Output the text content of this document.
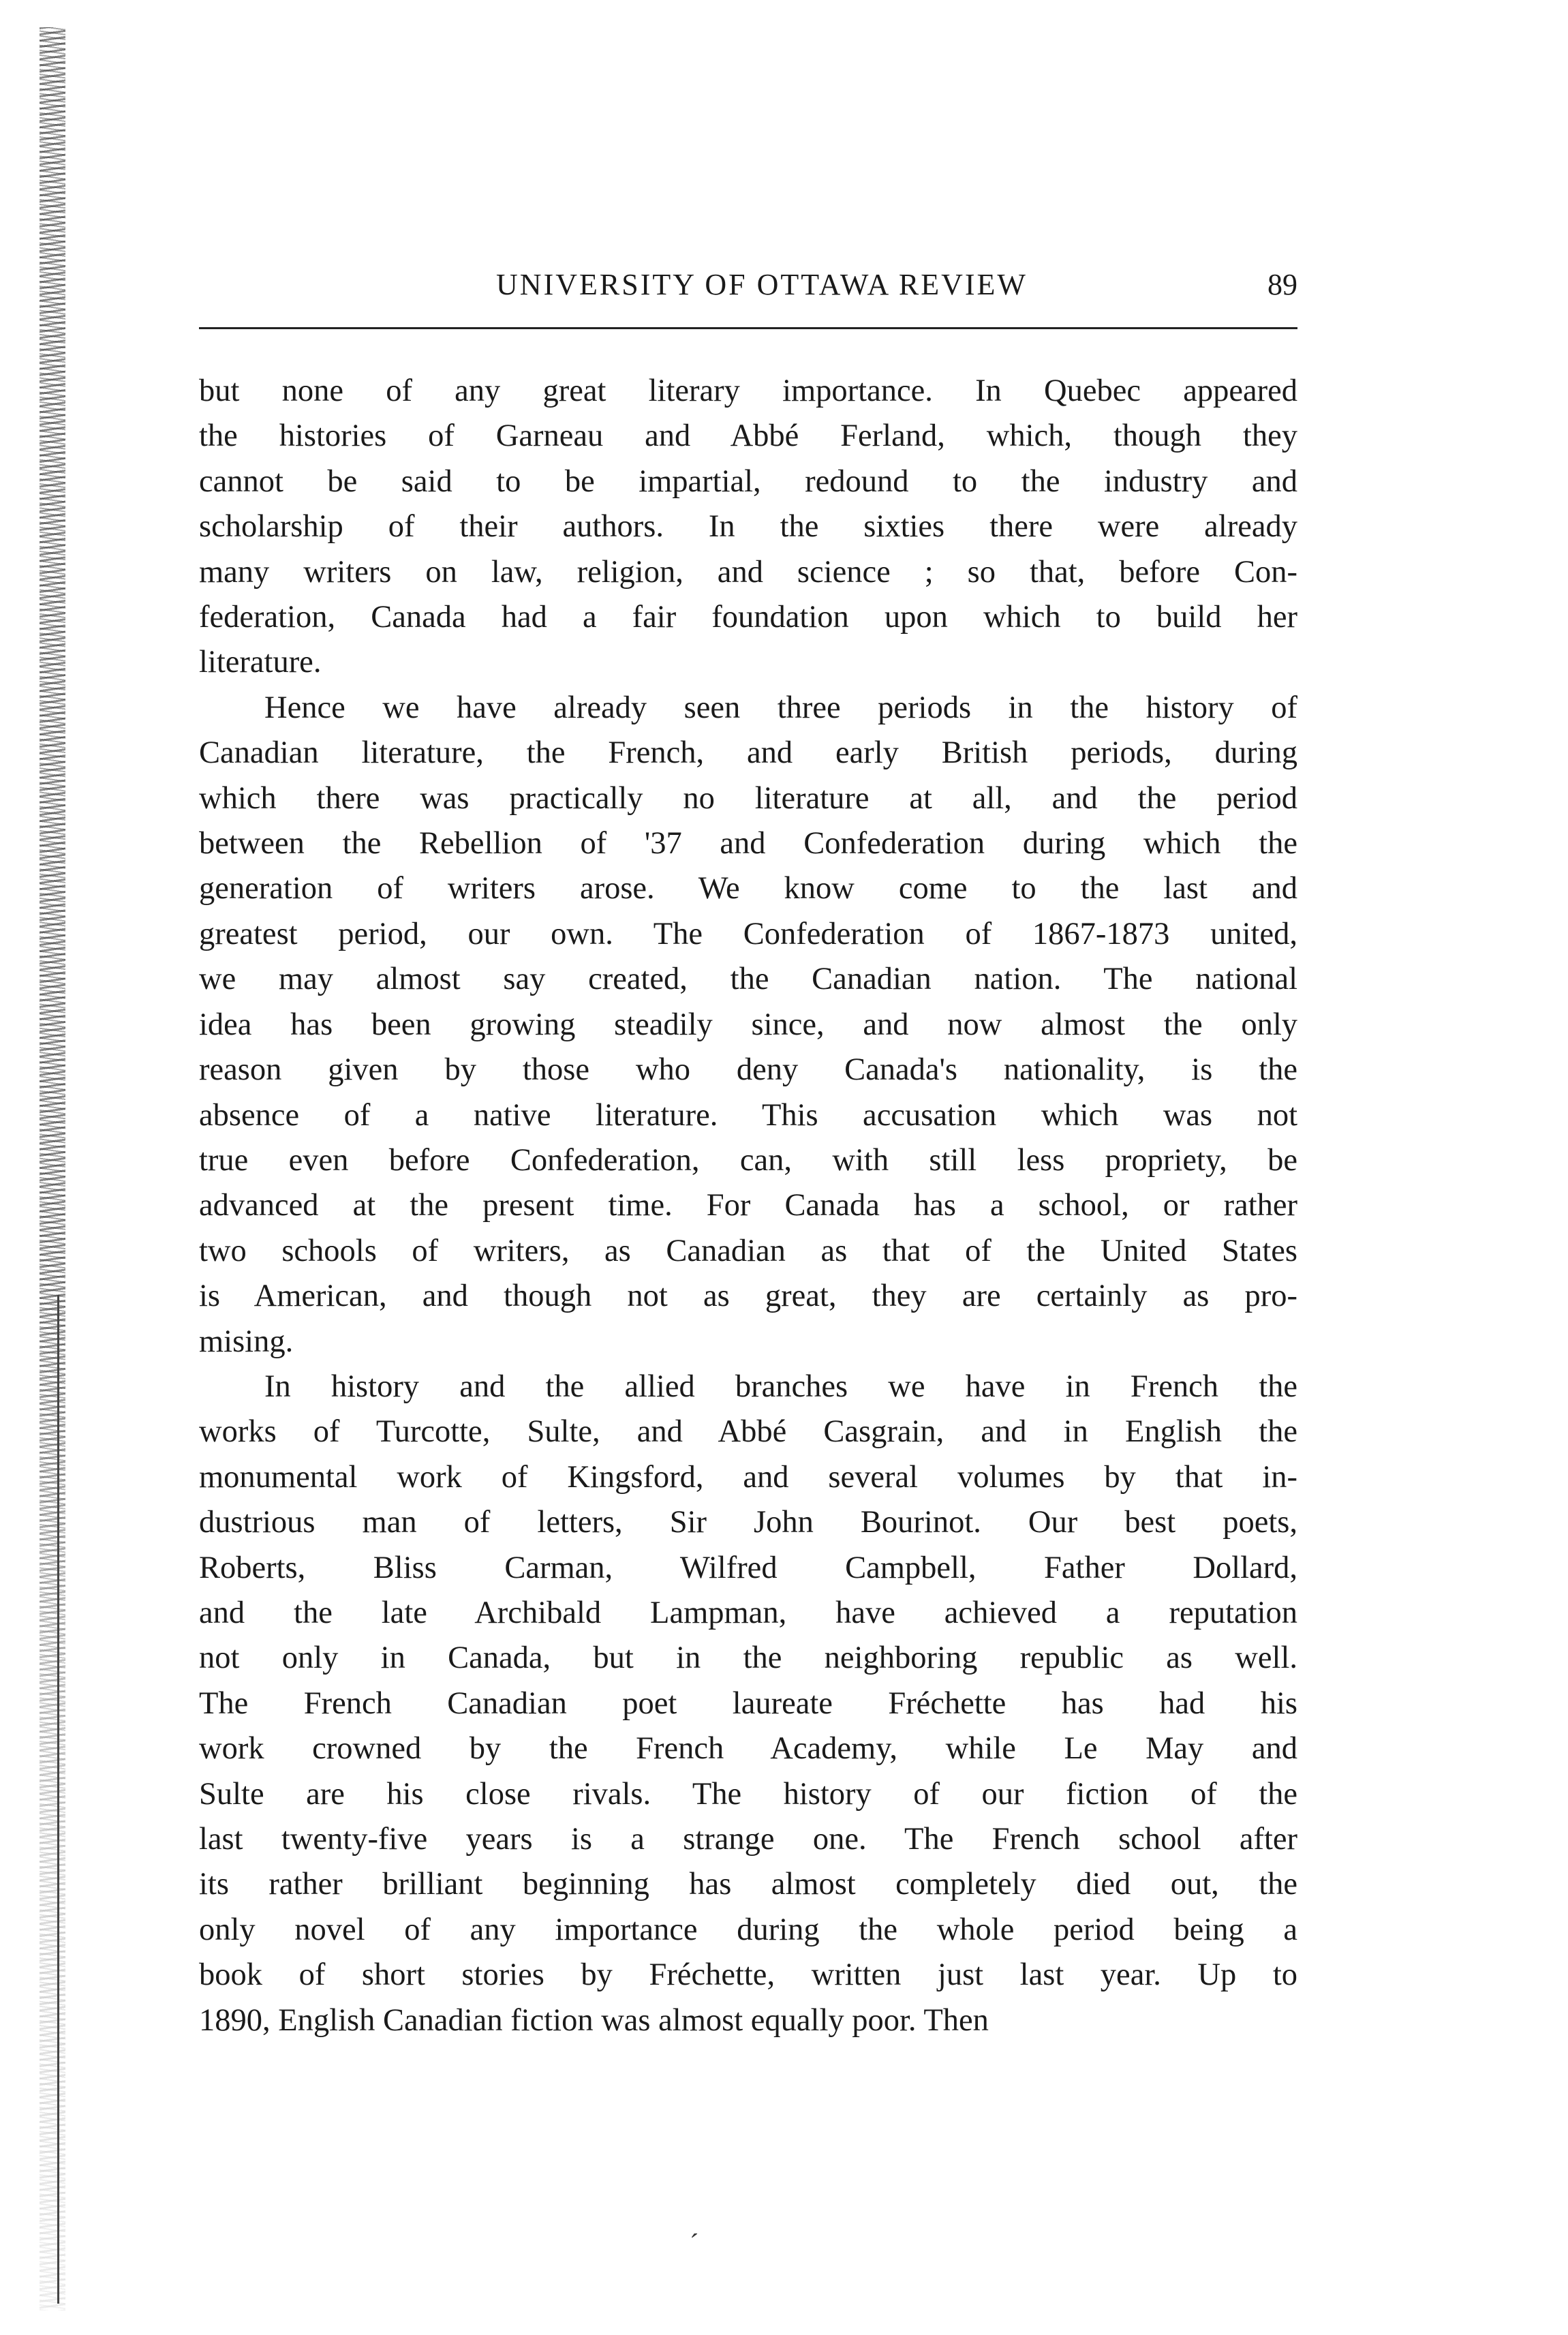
UNIVERSITY OF OTTAWA REVIEW	89

but none of any great literary importance. In Quebec appeared
the histories of Garneau and Abbé Ferland, which, though they
cannot be said to be impartial, redound to the industry and
scholarship of their authors. In the sixties there were already
many writers on law, religion, and science ; so that, before Con-
federation, Canada had a fair foundation upon which to build her
literature.

Hence we have already seen three periods in the history of
Canadian literature, the French, and early British periods, during
which there was practically no literature at all, and the period
between the Rebellion of '37 and Confederation during which the
generation of writers arose. We know come to the last and
greatest period, our own. The Confederation of 1867-1873 united,
we may almost say created, the Canadian nation. The national
idea has been growing steadily since, and now almost the only
reason given by those who deny Canada's nationality, is the
absence of a native literature. This accusation which was not
true even before Confederation, can, with still less propriety, be
advanced at the present time. For Canada has a school, or rather
two schools of writers, as Canadian as that of the United States
is American, and though not as great, they are certainly as pro-
mising.

In history and the allied branches we have in French the
works of Turcotte, Sulte, and Abbé Casgrain, and in English the
monumental work of Kingsford, and several volumes by that in-
dustrious man of letters, Sir John Bourinot. Our best poets,
Roberts, Bliss Carman, Wilfred Campbell, Father Dollard,
and the late Archibald Lampman, have achieved a reputation
not only in Canada, but in the neighboring republic as well.
The French Canadian poet laureate Fréchette has had his
work crowned by the French Academy, while Le May and
Sulte are his close rivals. The history of our fiction of the
last twenty-five years is a strange one. The French school after
its rather brilliant beginning has almost completely died out, the
only novel of any importance during the whole period being a
book of short stories by Fréchette, written just last year. Up to
1890, English Canadian fiction was almost equally poor. Then

ˊ
